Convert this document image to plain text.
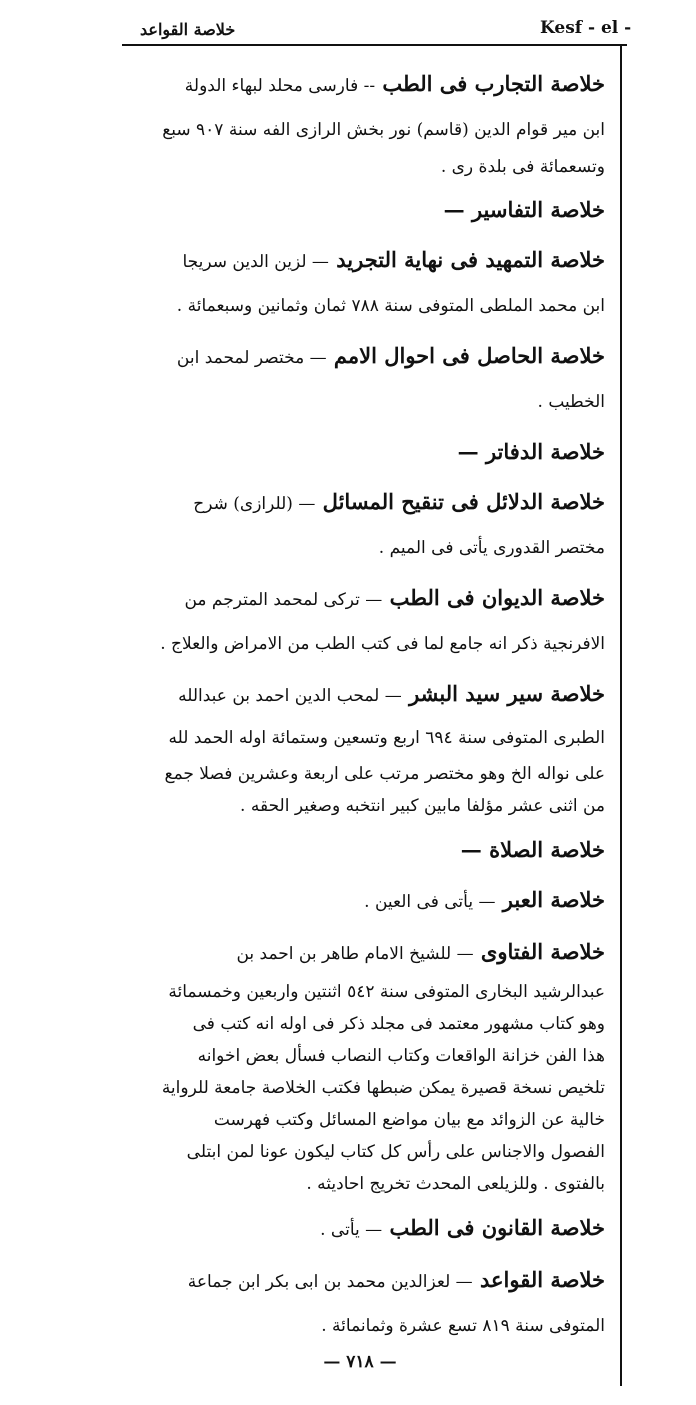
خلاصة القواعد	Kesf - el -
خلاصة التجارب فى الطب -- فارسى محلد لبهاء الدولة
ابن مير قوام الدين (قاسم) نور بخش الرازى الفه سنة ٩٠٧ سبع
وتسعمائة فى بلدة رى .
خلاصة التفاسير —
خلاصة التمهيد فى نهاية التجريد — لزين الدين سريجا
ابن محمد الملطى المتوفى سنة ٧٨٨ ثمان وثمانين وسبعمائة .
خلاصة الحاصل فى احوال الامم — مختصر لمحمد ابن
الخطيب .
خلاصة الدفاتر —
خلاصة الدلائل فى تنقيح المسائل — (للرازى) شرح
مختصر القدورى يأتى فى الميم .
خلاصة الديوان فى الطب — تركى لمحمد المترجم من
الافرنجية ذكر انه جامع لما فى كتب الطب من الامراض والعلاج .
خلاصة سير سيد البشر — لمحب الدين احمد بن عبدالله
الطبرى المتوفى سنة ٦٩٤ اربع وتسعين وستمائة اوله الحمد لله
على نواله الخ وهو مختصر مرتب على اربعة وعشرين فصلا جمع
من اثنى عشر مؤلفا مابين كبير انتخبه وصغير الحقه .
خلاصة الصلاة —
خلاصة العبر — يأتى فى العين .
خلاصة الفتاوى — للشيخ الامام طاهر بن احمد بن
عبدالرشيد البخارى المتوفى سنة ٥٤٢ اثنتين واربعين وخمسمائة
وهو كتاب مشهور معتمد فى مجلد ذكر فى اوله انه كتب فى
هذا الفن خزانة الواقعات وكتاب النصاب فسأل بعض اخوانه
تلخيص نسخة قصيرة يمكن ضبطها فكتب الخلاصة جامعة للرواية
خالية عن الزوائد مع بيان مواضع المسائل وكتب فهرست
الفصول والاجناس على رأس كل كتاب ليكون عونا لمن ابتلى
بالفتوى . وللزيلعى المحدث تخريج احاديثه .
خلاصة القانون فى الطب — يأتى .
خلاصة القواعد — لعزالدين محمد بن ابى بكر ابن جماعة
المتوفى سنة ٨١٩ تسع عشرة وثمانمائة .
— ٧١٨ —
